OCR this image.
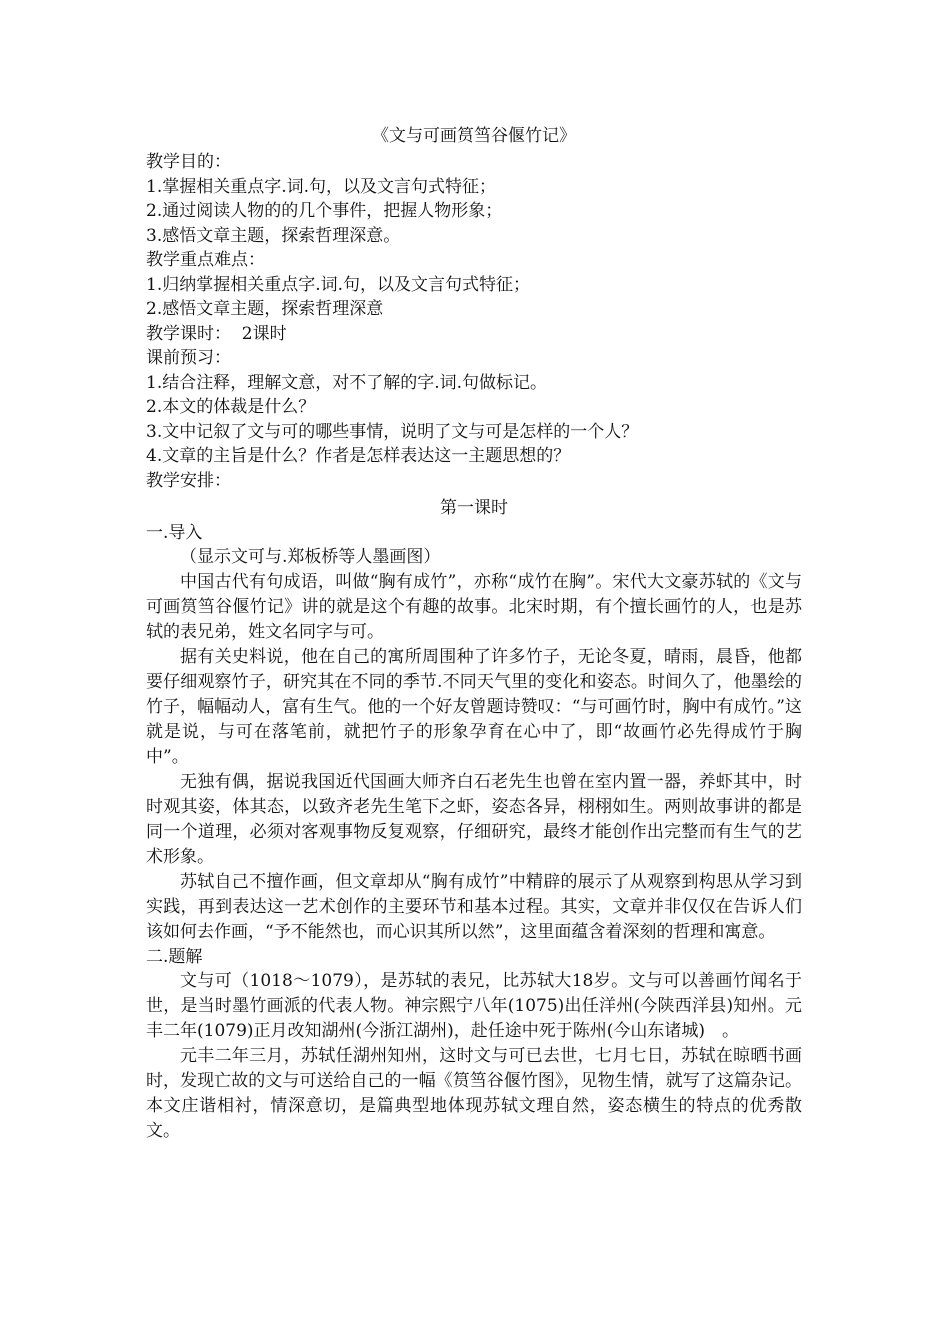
《文与可画筼筜谷偃竹记》
教学目的：
1.掌握相关重点字.词.句，以及文言句式特征；
2.通过阅读人物的的几个事件，把握人物形象；
3.感悟文章主题，探索哲理深意。
教学重点难点：
1.归纳掌握相关重点字.词.句，以及文言句式特征；
2.感悟文章主题，探索哲理深意
教学课时：  2课时
课前预习：
1.结合注释，理解文意，对不了解的字.词.句做标记。
2.本文的体裁是什么？
3.文中记叙了文与可的哪些事情，说明了文与可是怎样的一个人？
4.文章的主旨是什么？作者是怎样表达这一主题思想的？
教学安排：
第一课时
一.导入
（显示文可与.郑板桥等人墨画图）

中国古代有句成语，叫做“胸有成竹”，亦称“成竹在胸”。宋代大文豪苏轼的《文与可画筼筜谷偃竹记》讲的就是这个有趣的故事。北宋时期，有个擅长画竹的人，也是苏轼的表兄弟，姓文名同字与可。

据有关史料说，他在自己的寓所周围种了许多竹子，无论冬夏，晴雨，晨昏，他都要仔细观察竹子，研究其在不同的季节.不同天气里的变化和姿态。时间久了，他墨绘的竹子，幅幅动人，富有生气。他的一个好友曾题诗赞叹：“与可画竹时，胸中有成竹。”这就是说，与可在落笔前，就把竹子的形象孕育在心中了，即“故画竹必先得成竹于胸中”。

无独有偶，据说我国近代国画大师齐白石老先生也曾在室内置一器，养虾其中，时时观其姿，体其态，以致齐老先生笔下之虾，姿态各异，栩栩如生。两则故事讲的都是同一个道理，必须对客观事物反复观察，仔细研究，最终才能创作出完整而有生气的艺术形象。

苏轼自己不擅作画，但文章却从“胸有成竹”中精辟的展示了从观察到构思从学习到实践，再到表达这一艺术创作的主要环节和基本过程。其实，文章并非仅仅在告诉人们该如何去作画，“予不能然也，而心识其所以然”，这里面蕴含着深刻的哲理和寓意。

二.题解

文与可（1018～1079），是苏轼的表兄，比苏轼大18岁。文与可以善画竹闻名于世，是当时墨竹画派的代表人物。神宗熙宁八年(1075)出任洋州(今陕西洋县)知州。元丰二年(1079)正月改知湖州(今浙江湖州)，赴任途中死于陈州(今山东诸城)　。

元丰二年三月，苏轼任湖州知州，这时文与可已去世，七月七日，苏轼在晾晒书画时，发现亡故的文与可送给自己的一幅《筼筜谷偃竹图》，见物生情，就写了这篇杂记。本文庄谐相衬，情深意切，是篇典型地体现苏轼文理自然，姿态横生的特点的优秀散文。
